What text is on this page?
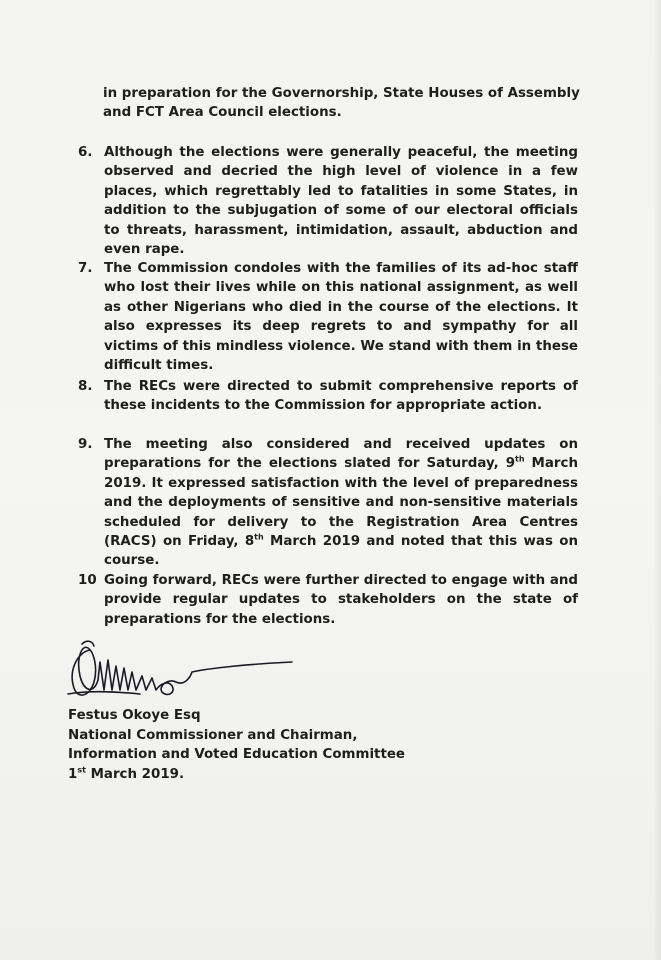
in preparation for the Governorship, State Houses of Assembly and FCT Area Council elections.
6. Although the elections were generally peaceful, the meeting observed and decried the high level of violence in a few places, which regrettably led to fatalities in some States, in addition to the subjugation of some of our electoral officials to threats, harassment, intimidation, assault, abduction and even rape.
7. The Commission condoles with the families of its ad-hoc staff who lost their lives while on this national assignment, as well as other Nigerians who died in the course of the elections. It also expresses its deep regrets to and sympathy for all victims of this mindless violence. We stand with them in these difficult times.
8. The RECs were directed to submit comprehensive reports of these incidents to the Commission for appropriate action.
9. The meeting also considered and received updates on preparations for the elections slated for Saturday, 9th March 2019. It expressed satisfaction with the level of preparedness and the deployments of sensitive and non-sensitive materials scheduled for delivery to the Registration Area Centres (RACS) on Friday, 8th March 2019 and noted that this was on course.
10 Going forward, RECs were further directed to engage with and provide regular updates to stakeholders on the state of preparations for the elections.
Festus Okoye Esq
National Commissioner and Chairman,
Information and Voted Education Committee
1st March 2019.
